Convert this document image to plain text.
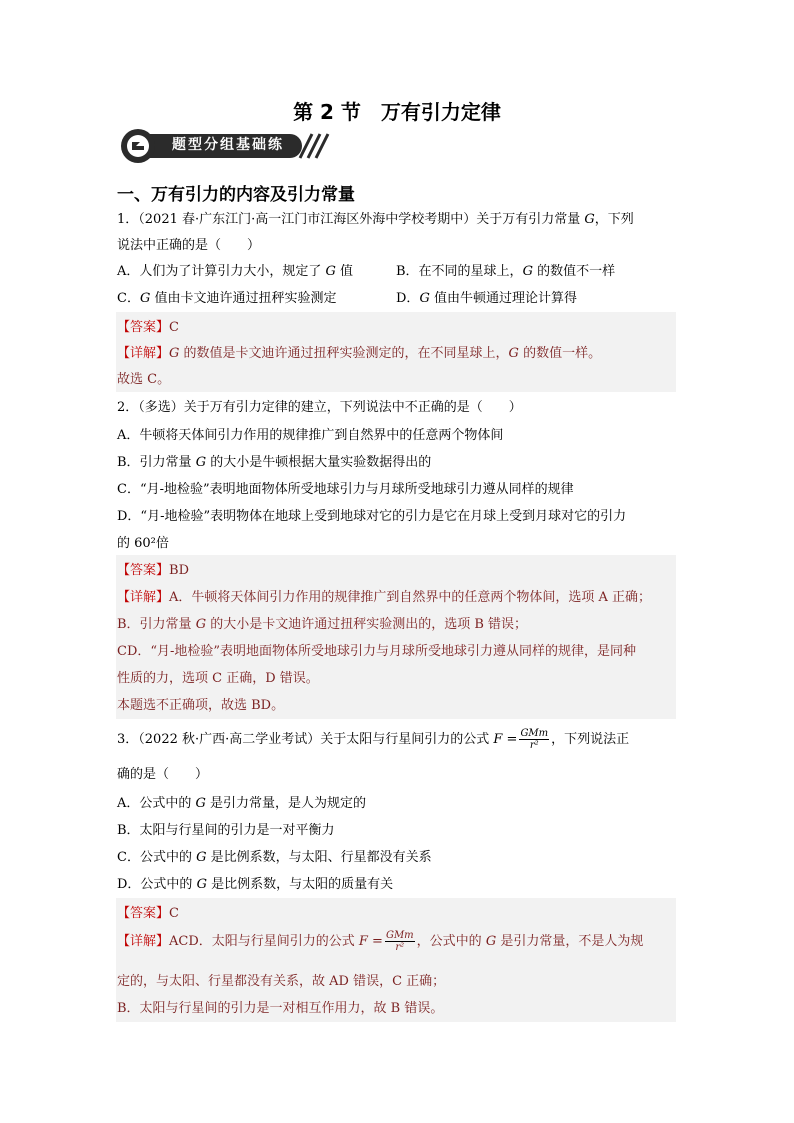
第 2 节　万有引力定律
题型分组基础练
一、万有引力的内容及引力常量
1．（2021 春·广东江门·高一江门市江海区外海中学校考期中）关于万有引力常量 G，下列
说法中正确的是（　　）
A．人们为了计算引力大小，规定了 G 值	B．在不同的星球上，G 的数值不一样
C．G 值由卡文迪许通过扭秤实验测定	D．G 值由牛顿通过理论计算得
【答案】C
【详解】G 的数值是卡文迪许通过扭秤实验测定的，在不同星球上，G 的数值一样。
故选 C。
2．（多选）关于万有引力定律的建立，下列说法中不正确的是（　　）
A．牛顿将天体间引力作用的规律推广到自然界中的任意两个物体间
B．引力常量 G 的大小是牛顿根据大量实验数据得出的
C．“月-地检验”表明地面物体所受地球引力与月球所受地球引力遵从同样的规律
D．“月-地检验”表明物体在地球上受到地球对它的引力是它在月球上受到月球对它的引力
的 60²倍
【答案】BD
【详解】A．牛顿将天体间引力作用的规律推广到自然界中的任意两个物体间，选项 A 正确；
B．引力常量 G 的大小是卡文迪许通过扭秤实验测出的，选项 B 错误；
CD．“月-地检验”表明地面物体所受地球引力与月球所受地球引力遵从同样的规律，是同种
性质的力，选项 C 正确，D 错误。
本题选不正确项，故选 BD。
3．（2022 秋·广西·高二学业考试）关于太阳与行星间引力的公式 $F = \frac{\text{GMm}}{\text{r²}}$ ，下列说法正
确的是（　　）
A．公式中的 G 是引力常量，是人为规定的
B．太阳与行星间的引力是一对平衡力
C．公式中的 G 是比例系数，与太阳、行星都没有关系
D．公式中的 G 是比例系数，与太阳的质量有关
【答案】C
【详解】ACD．太阳与行星间引力的公式 $F = \frac{\text{GMm}}{\text{r²}}$ ，公式中的 G 是引力常量，不是人为规
定的，与太阳、行星都没有关系，故 AD 错误，C 正确；
B．太阳与行星间的引力是一对相互作用力，故 B 错误。
